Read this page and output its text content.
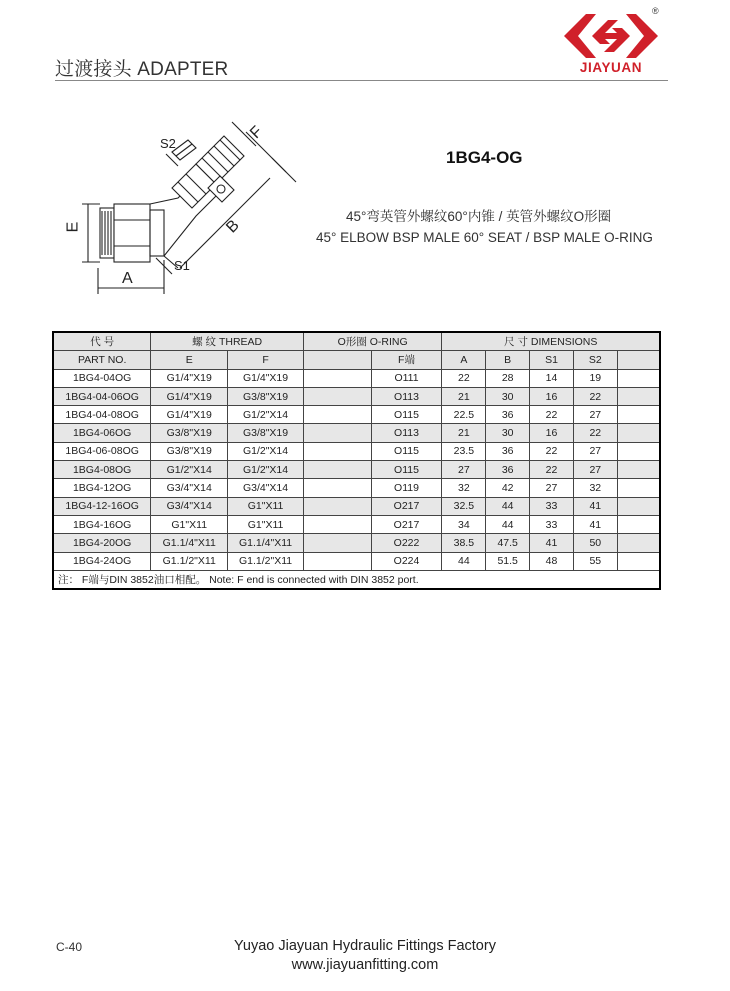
过渡接头 ADAPTER
®
JIAYUAN
S2
F
E	B
S1
A
1BG4-OG
45°弯英管外螺纹60°内锥 / 英管外螺纹O形圈
45° ELBOW BSP MALE 60° SEAT / BSP MALE O-RING
代 号	螺 纹 THREAD		O形圈 O-RING		尺 寸 DIMENSIONS				
PART NO.	E	F		F端	A	B	S1	S2	
1BG4-04OG	G1/4"X19	G1/4"X19		O111	22	28	14	19	
1BG4-04-06OG	G1/4"X19	G3/8"X19		O113	21	30	16	22	
1BG4-04-08OG	G1/4"X19	G1/2"X14		O115	22.5	36	22	27	
1BG4-06OG	G3/8"X19	G3/8"X19		O113	21	30	16	22	
1BG4-06-08OG	G3/8"X19	G1/2"X14		O115	23.5	36	22	27	
1BG4-08OG	G1/2"X14	G1/2"X14		O115	27	36	22	27	
1BG4-12OG	G3/4"X14	G3/4"X14		O119	32	42	27	32	
1BG4-12-16OG	G3/4"X14	G1"X11		O217	32.5	44	33	41	
1BG4-16OG	G1"X11	G1"X11		O217	34	44	33	41	
1BG4-20OG	G1.1/4"X11	G1.1/4"X11		O222	38.5	47.5	41	50	
1BG4-24OG	G1.1/2"X11	G1.1/2"X11		O224	44	51.5	48	55	
注： F端与DIN 3852油口相配。 Note: F end is connected with DIN 3852 port.									
C-40	Yuyao Jiayuan Hydraulic Fittings Factory
www.jiayuanfitting.com
